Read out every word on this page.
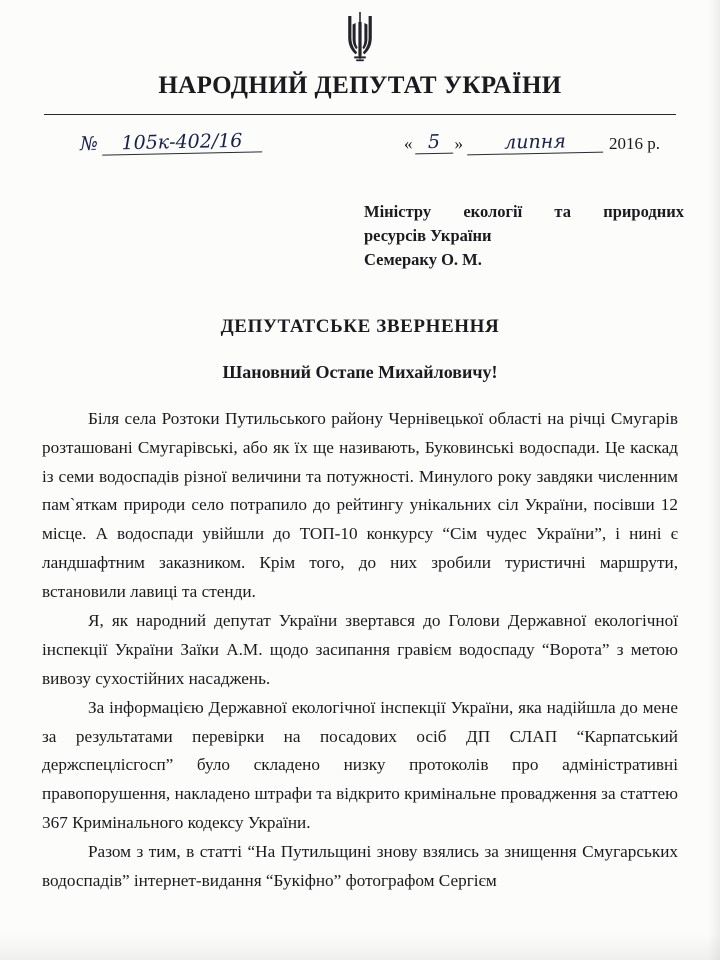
НАРОДНИЙ ДЕПУТАТ УКРАЇНИ
№	105к-402/16	« 5 »	липня	2016 р.
Міністру екології та природних
ресурсів України
Семераку О. М.
ДЕПУТАТСЬКЕ ЗВЕРНЕННЯ
Шановний Остапе Михайловичу!

Біля села Розтоки Путильського району Чернівецької області на річці Смугарів розташовані Смугарівські, або як їх ще називають, Буковинські водоспади. Це каскад із семи водоспадів різної величини та потужності. Минулого року завдяки численним пам`яткам природи село потрапило до рейтингу унікальних сіл України, посівши 12 місце. А водоспади увійшли до ТОП-10 конкурсу “Сім чудес України”, і нині є ландшафтним заказником. Крім того, до них зробили туристичні маршрути, встановили лавиці та стенди.

Я, як народний депутат України звертався до Голови Державної екологічної інспекції України Заїки А.М. щодо засипання гравієм водоспаду “Ворота” з метою вивозу сухостійних насаджень.

За інформацією Державної екологічної інспекції України, яка надійшла до мене за результатами перевірки на посадових осіб ДП СЛАП “Карпатський держспецлісгосп” було складено низку протоколів про адміністративні правопорушення, накладено штрафи та відкрито кримінальне провадження за статтею 367 Кримінального кодексу України.

Разом з тим, в статті “На Путильщині знову взялись за знищення Смугарських водоспадів” інтернет-видання “Букіфно” фотографом Сергієм
